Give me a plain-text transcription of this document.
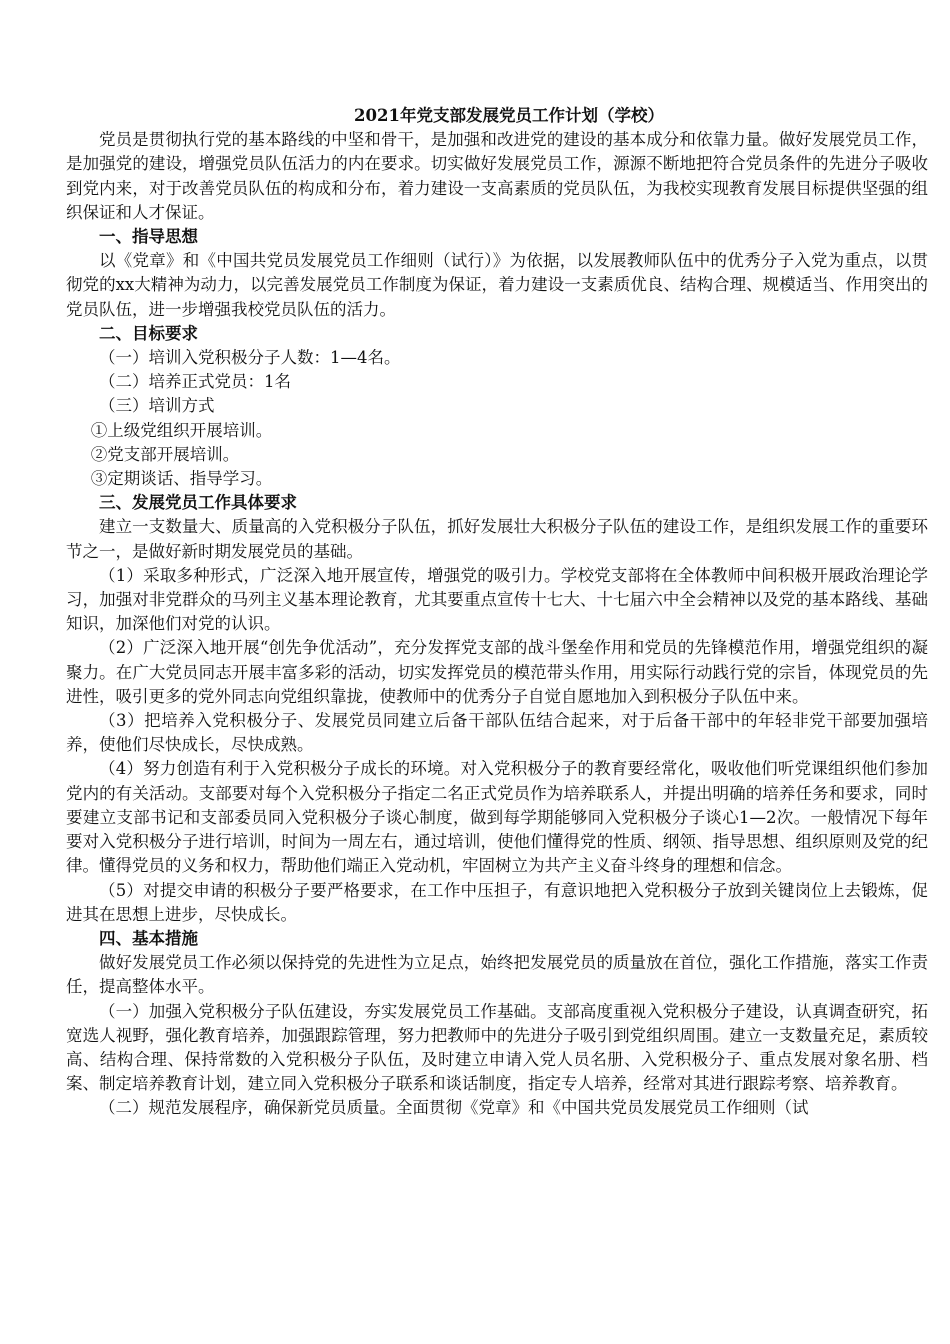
2021年党支部发展党员工作计划（学校）

党员是贯彻执行党的基本路线的中坚和骨干，是加强和改进党的建设的基本成分和依靠力量。做好发展党员工作，是加强党的建设，增强党员队伍活力的内在要求。切实做好发展党员工作，源源不断地把符合党员条件的先进分子吸收到党内来，对于改善党员队伍的构成和分布，着力建设一支高素质的党员队伍，为我校实现教育发展目标提供坚强的组织保证和人才保证。

一、指导思想

以《党章》和《中国共党员发展党员工作细则（试行）》为依据，以发展教师队伍中的优秀分子入党为重点，以贯彻党的xx大精神为动力，以完善发展党员工作制度为保证，着力建设一支素质优良、结构合理、规模适当、作用突出的党员队伍，进一步增强我校党员队伍的活力。

二、目标要求

（一）培训入党积极分子人数：1—4名。

（二）培养正式党员：1名

（三）培训方式

①上级党组织开展培训。

②党支部开展培训。

③定期谈话、指导学习。

三、发展党员工作具体要求

建立一支数量大、质量高的入党积极分子队伍，抓好发展壮大积极分子队伍的建设工作，是组织发展工作的重要环节之一，是做好新时期发展党员的基础。

（1）采取多种形式，广泛深入地开展宣传，增强党的吸引力。学校党支部将在全体教师中间积极开展政治理论学习，加强对非党群众的马列主义基本理论教育，尤其要重点宣传十七大、十七届六中全会精神以及党的基本路线、基础知识，加深他们对党的认识。

（2）广泛深入地开展“创先争优活动”，充分发挥党支部的战斗堡垒作用和党员的先锋模范作用，增强党组织的凝聚力。在广大党员同志开展丰富多彩的活动，切实发挥党员的模范带头作用，用实际行动践行党的宗旨，体现党员的先进性，吸引更多的党外同志向党组织靠拢，使教师中的优秀分子自觉自愿地加入到积极分子队伍中来。

（3）把培养入党积极分子、发展党员同建立后备干部队伍结合起来，对于后备干部中的年轻非党干部要加强培养，使他们尽快成长，尽快成熟。

（4）努力创造有利于入党积极分子成长的环境。对入党积极分子的教育要经常化，吸收他们听党课组织他们参加党内的有关活动。支部要对每个入党积极分子指定二名正式党员作为培养联系人，并提出明确的培养任务和要求，同时要建立支部书记和支部委员同入党积极分子谈心制度，做到每学期能够同入党积极分子谈心1—2次。一般情况下每年要对入党积极分子进行培训，时间为一周左右，通过培训，使他们懂得党的性质、纲领、指导思想、组织原则及党的纪律。懂得党员的义务和权力，帮助他们端正入党动机，牢固树立为共产主义奋斗终身的理想和信念。

（5）对提交申请的积极分子要严格要求，在工作中压担子，有意识地把入党积极分子放到关键岗位上去锻炼，促进其在思想上进步，尽快成长。

四、基本措施

做好发展党员工作必须以保持党的先进性为立足点，始终把发展党员的质量放在首位，强化工作措施，落实工作责任，提高整体水平。

（一）加强入党积极分子队伍建设，夯实发展党员工作基础。支部高度重视入党积极分子建设，认真调查研究，拓宽选人视野，强化教育培养，加强跟踪管理，努力把教师中的先进分子吸引到党组织周围。建立一支数量充足，素质较高、结构合理、保持常数的入党积极分子队伍，及时建立申请入党人员名册、入党积极分子、重点发展对象名册、档案、制定培养教育计划，建立同入党积极分子联系和谈话制度，指定专人培养，经常对其进行跟踪考察、培养教育。

（二）规范发展程序，确保新党员质量。全面贯彻《党章》和《中国共党员发展党员工作细则（试
